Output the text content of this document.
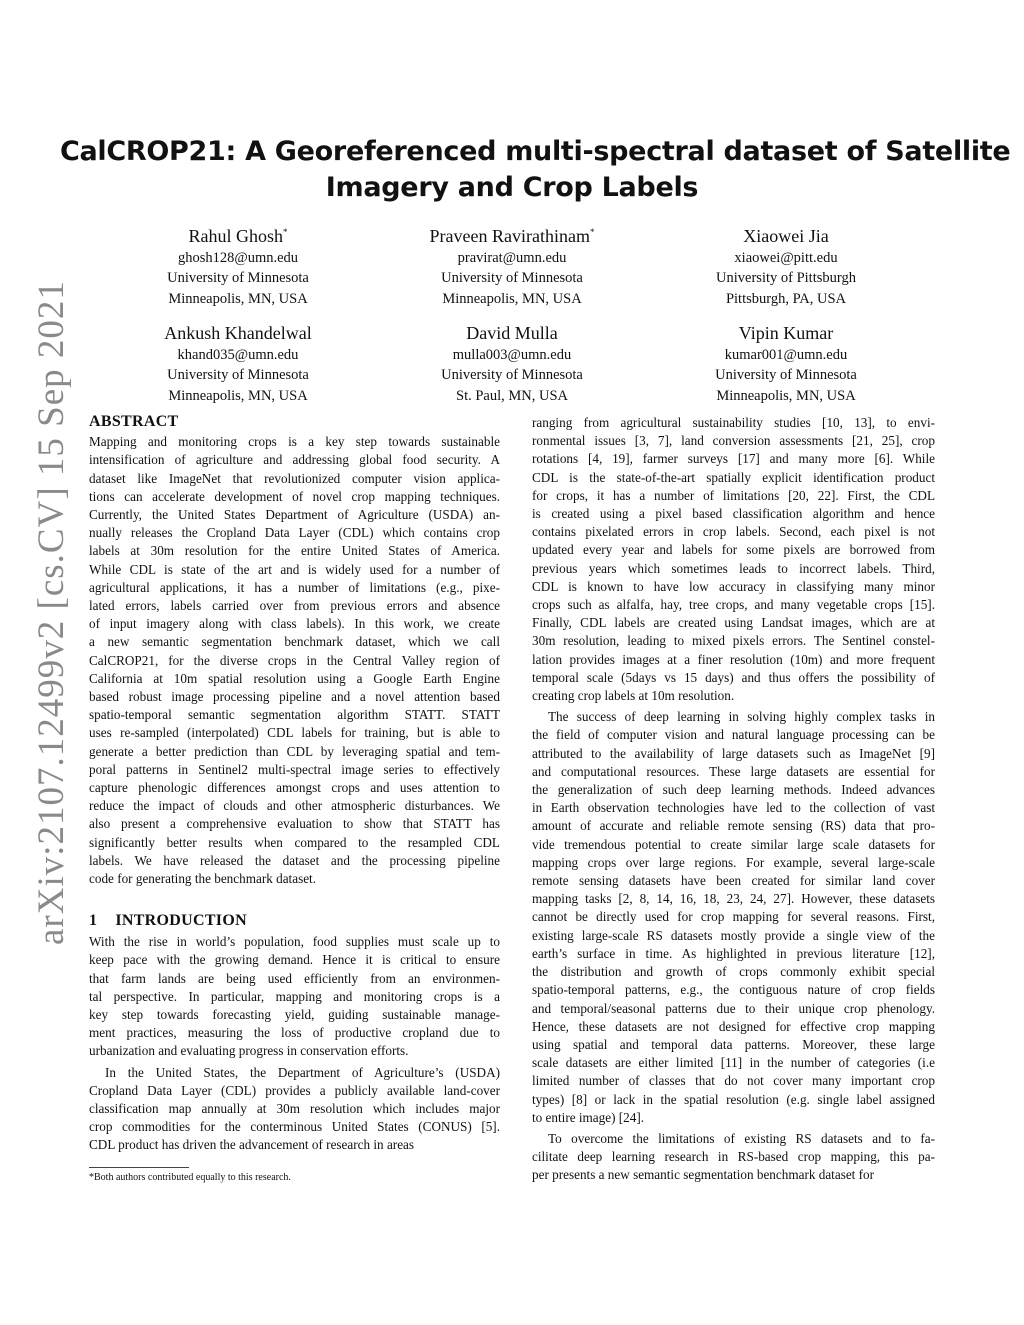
arXiv:2107.12499v2 [cs.CV] 15 Sep 2021
CalCROP21: A Georeferenced multi-spectral dataset of Satellite
Imagery and Crop Labels
Rahul Ghosh*
ghosh128@umn.edu
University of Minnesota
Minneapolis, MN, USA
Praveen Ravirathinam*
pravirat@umn.edu
University of Minnesota
Minneapolis, MN, USA
Xiaowei Jia
xiaowei@pitt.edu
University of Pittsburgh
Pittsburgh, PA, USA
Ankush Khandelwal
khand035@umn.edu
University of Minnesota
Minneapolis, MN, USA
David Mulla
mulla003@umn.edu
University of Minnesota
St. Paul, MN, USA
Vipin Kumar
kumar001@umn.edu
University of Minnesota
Minneapolis, MN, USA
ABSTRACT
Mapping and monitoring crops is a key step towards sustainable
intensification of agriculture and addressing global food security. A
dataset like ImageNet that revolutionized computer vision applica-
tions can accelerate development of novel crop mapping techniques.
Currently, the United States Department of Agriculture (USDA) an-
nually releases the Cropland Data Layer (CDL) which contains crop
labels at 30m resolution for the entire United States of America.
While CDL is state of the art and is widely used for a number of
agricultural applications, it has a number of limitations (e.g., pixe-
lated errors, labels carried over from previous errors and absence
of input imagery along with class labels). In this work, we create
a new semantic segmentation benchmark dataset, which we call
CalCROP21, for the diverse crops in the Central Valley region of
California at 10m spatial resolution using a Google Earth Engine
based robust image processing pipeline and a novel attention based
spatio-temporal semantic segmentation algorithm STATT. STATT
uses re-sampled (interpolated) CDL labels for training, but is able to
generate a better prediction than CDL by leveraging spatial and tem-
poral patterns in Sentinel2 multi-spectral image series to effectively
capture phenologic differences amongst crops and uses attention to
reduce the impact of clouds and other atmospheric disturbances. We
also present a comprehensive evaluation to show that STATT has
significantly better results when compared to the resampled CDL
labels. We have released the dataset and the processing pipeline
code for generating the benchmark dataset.
1 INTRODUCTION
With the rise in world’s population, food supplies must scale up to
keep pace with the growing demand. Hence it is critical to ensure
that farm lands are being used efficiently from an environmen-
tal perspective. In particular, mapping and monitoring crops is a
key step towards forecasting yield, guiding sustainable manage-
ment practices, measuring the loss of productive cropland due to
urbanization and evaluating progress in conservation efforts.
In the United States, the Department of Agriculture’s (USDA)
Cropland Data Layer (CDL) provides a publicly available land-cover
classification map annually at 30m resolution which includes major
crop commodities for the conterminous United States (CONUS) [5].
CDL product has driven the advancement of research in areas
*Both authors contributed equally to this research.
ranging from agricultural sustainability studies [10, 13], to envi-
ronmental issues [3, 7], land conversion assessments [21, 25], crop
rotations [4, 19], farmer surveys [17] and many more [6]. While
CDL is the state-of-the-art spatially explicit identification product
for crops, it has a number of limitations [20, 22]. First, the CDL
is created using a pixel based classification algorithm and hence
contains pixelated errors in crop labels. Second, each pixel is not
updated every year and labels for some pixels are borrowed from
previous years which sometimes leads to incorrect labels. Third,
CDL is known to have low accuracy in classifying many minor
crops such as alfalfa, hay, tree crops, and many vegetable crops [15].
Finally, CDL labels are created using Landsat images, which are at
30m resolution, leading to mixed pixels errors. The Sentinel constel-
lation provides images at a finer resolution (10m) and more frequent
temporal scale (5days vs 15 days) and thus offers the possibility of
creating crop labels at 10m resolution.
The success of deep learning in solving highly complex tasks in
the field of computer vision and natural language processing can be
attributed to the availability of large datasets such as ImageNet [9]
and computational resources. These large datasets are essential for
the generalization of such deep learning methods. Indeed advances
in Earth observation technologies have led to the collection of vast
amount of accurate and reliable remote sensing (RS) data that pro-
vide tremendous potential to create similar large scale datasets for
mapping crops over large regions. For example, several large-scale
remote sensing datasets have been created for similar land cover
mapping tasks [2, 8, 14, 16, 18, 23, 24, 27]. However, these datasets
cannot be directly used for crop mapping for several reasons. First,
existing large-scale RS datasets mostly provide a single view of the
earth’s surface in time. As highlighted in previous literature [12],
the distribution and growth of crops commonly exhibit special
spatio-temporal patterns, e.g., the contiguous nature of crop fields
and temporal/seasonal patterns due to their unique crop phenology.
Hence, these datasets are not designed for effective crop mapping
using spatial and temporal data patterns. Moreover, these large
scale datasets are either limited [11] in the number of categories (i.e
limited number of classes that do not cover many important crop
types) [8] or lack in the spatial resolution (e.g. single label assigned
to entire image) [24].
To overcome the limitations of existing RS datasets and to fa-
cilitate deep learning research in RS-based crop mapping, this pa-
per presents a new semantic segmentation benchmark dataset for
